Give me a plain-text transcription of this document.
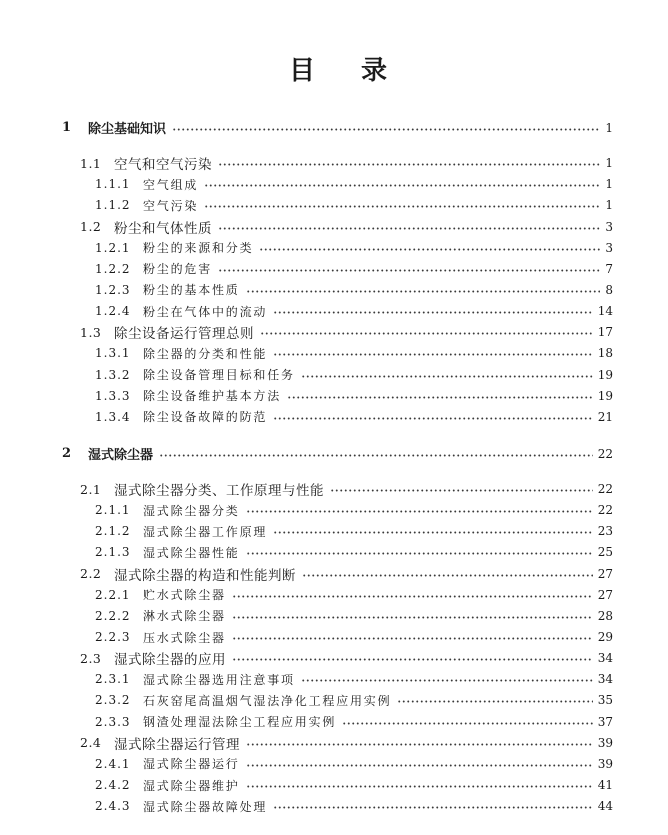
目录
1	除尘基础知识	1
1.1 空气和空气污染	1
1.1.1	空气组成	1
1.1.2	空气污染	1
1.2 粉尘和气体性质	3
1.2.1	粉尘的来源和分类	3
1.2.2	粉尘的危害	7
1.2.3	粉尘的基本性质	8
1.2.4	粉尘在气体中的流动	14
1.3 除尘设备运行管理总则	17
1.3.1	除尘器的分类和性能	18
1.3.2	除尘设备管理目标和任务	19
1.3.3	除尘设备维护基本方法	19
1.3.4	除尘设备故障的防范	21
2	湿式除尘器	22
2.1 湿式除尘器分类、工作原理与性能	22
2.1.1	湿式除尘器分类	22
2.1.2	湿式除尘器工作原理	23
2.1.3	湿式除尘器性能	25
2.2 湿式除尘器的构造和性能判断	27
2.2.1	贮水式除尘器	27
2.2.2	淋水式除尘器	28
2.2.3	压水式除尘器	29
2.3 湿式除尘器的应用	34
2.3.1	湿式除尘器选用注意事项	34
2.3.2	石灰窑尾高温烟气湿法净化工程应用实例	35
2.3.3	钢渣处理湿法除尘工程应用实例	37
2.4 湿式除尘器运行管理	39
2.4.1	湿式除尘器运行	39
2.4.2	湿式除尘器维护	41
2.4.3	湿式除尘器故障处理	44
